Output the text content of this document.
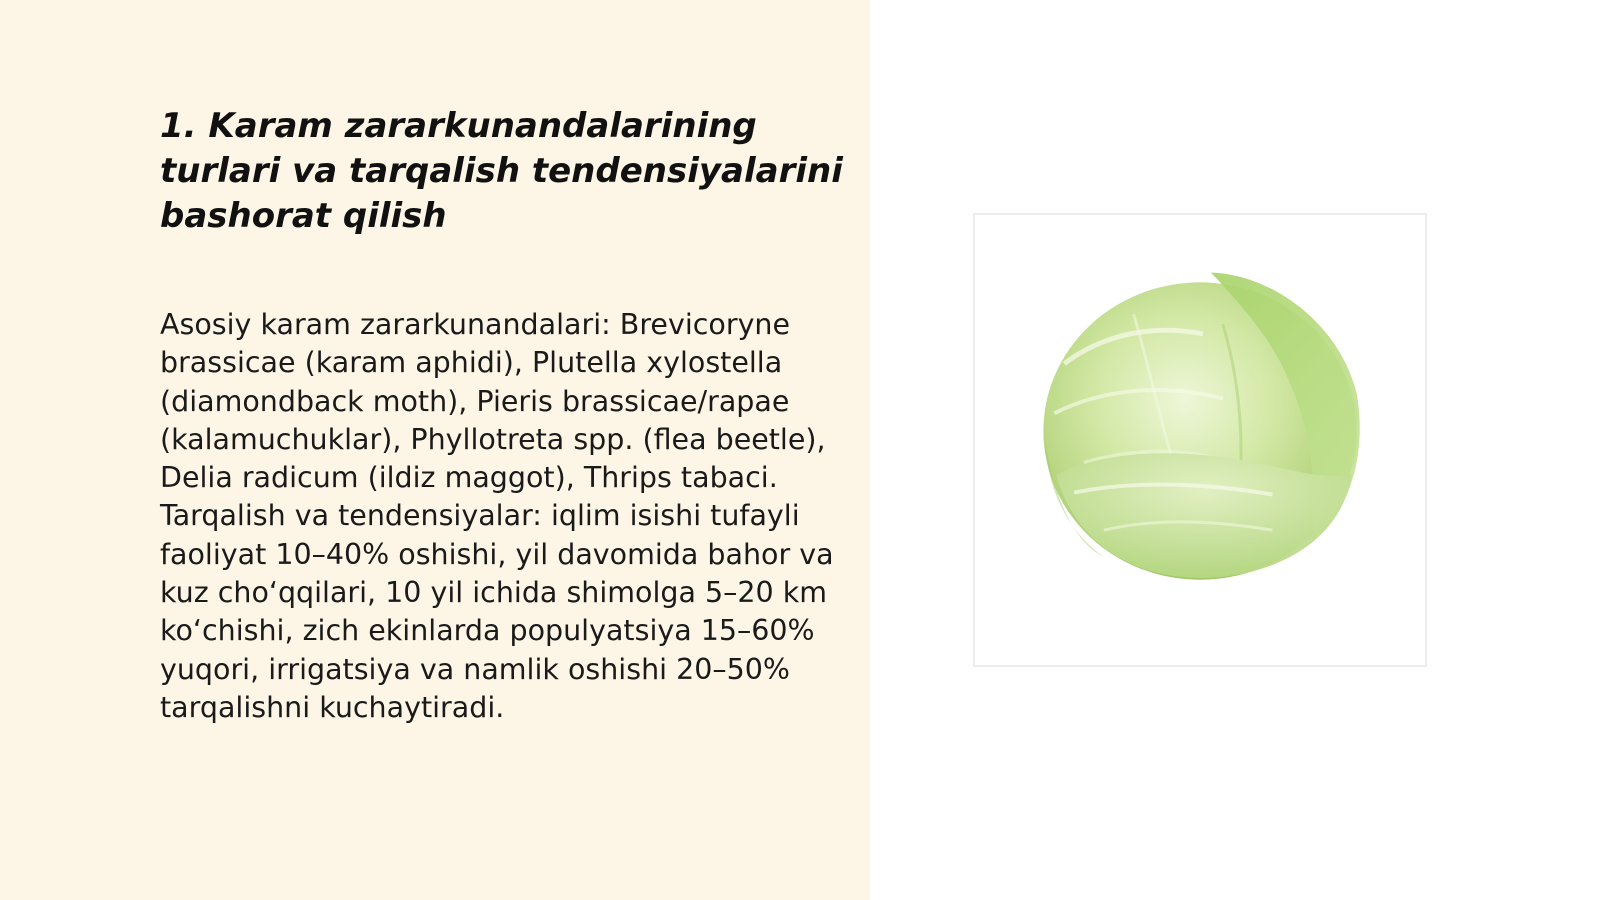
1. Karam zararkunandalarining turlari va tarqalish tendensiyalarini bashorat qilish

Asosiy karam zararkunandalari: Brevicoryne brassicae (karam aphidi), Plutella xylostella (diamondback moth), Pieris brassicae/rapae (kalamuchuklar), Phyllotreta spp. (flea beetle), Delia radicum (ildiz maggot), Thrips tabaci. Tarqalish va tendensiyalar: iqlim isishi tufayli faoliyat 10–40% oshishi, yil davomida bahor va kuz cho‘qqilari, 10 yil ichida shimolga 5–20 km ko‘chishi, zich ekinlarda populyatsiya 15–60% yuqori, irrigatsiya va namlik oshishi 20–50% tarqalishni kuchaytiradi.
